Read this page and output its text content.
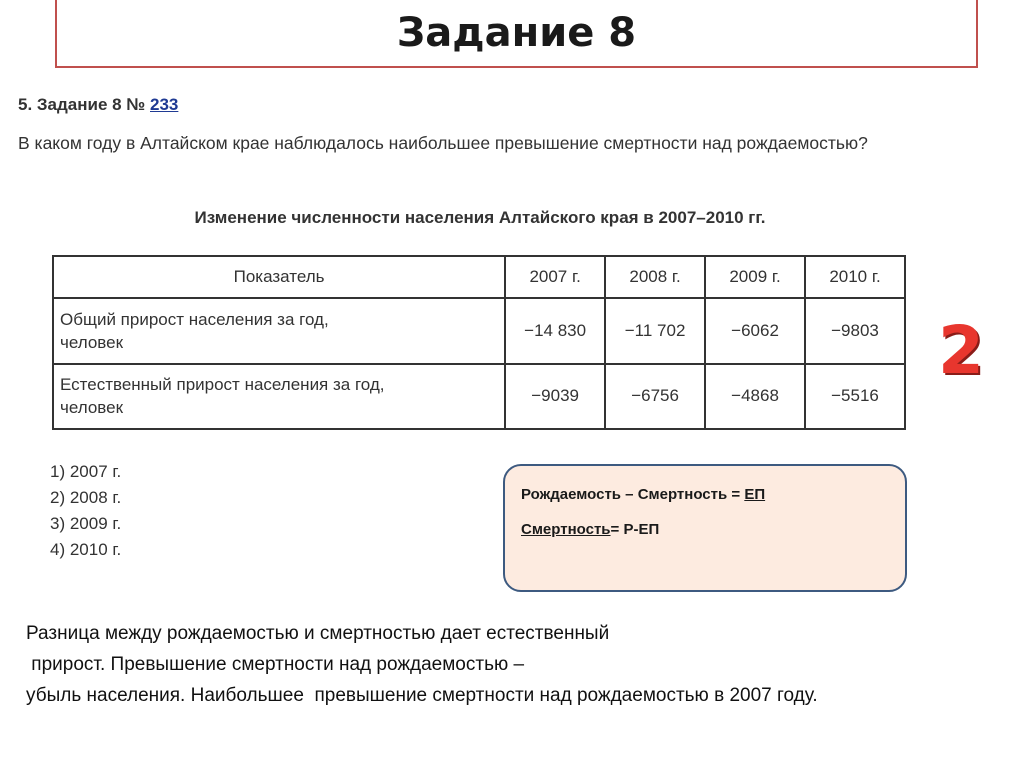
Задание 8
5. Задание 8 № 233
В каком году в Алтайском крае наблюдалось наибольшее превышение смертности над рождаемостью?
Изменение численности населения Алтайского края в 2007–2010 гг.
Показатель	2007 г.	2008 г.	2009 г.	2010 г.
Общий прирост населения за год,
человек	−14 830	−11 702	−6062	−9803
Естественный прирост населения за год,
человек	−9039	−6756	−4868	−5516
2
1) 2007 г.
2) 2008 г.
3) 2009 г.
4) 2010 г.
Рождаемость – Смертность = ЕП
Смертность= Р-ЕП
Разница между рождаемостью и смертностью дает естественный
прирост. Превышение смертности над рождаемостью –
убыль населения. Наибольшее  превышение смертности над рождаемостью в 2007 году.
